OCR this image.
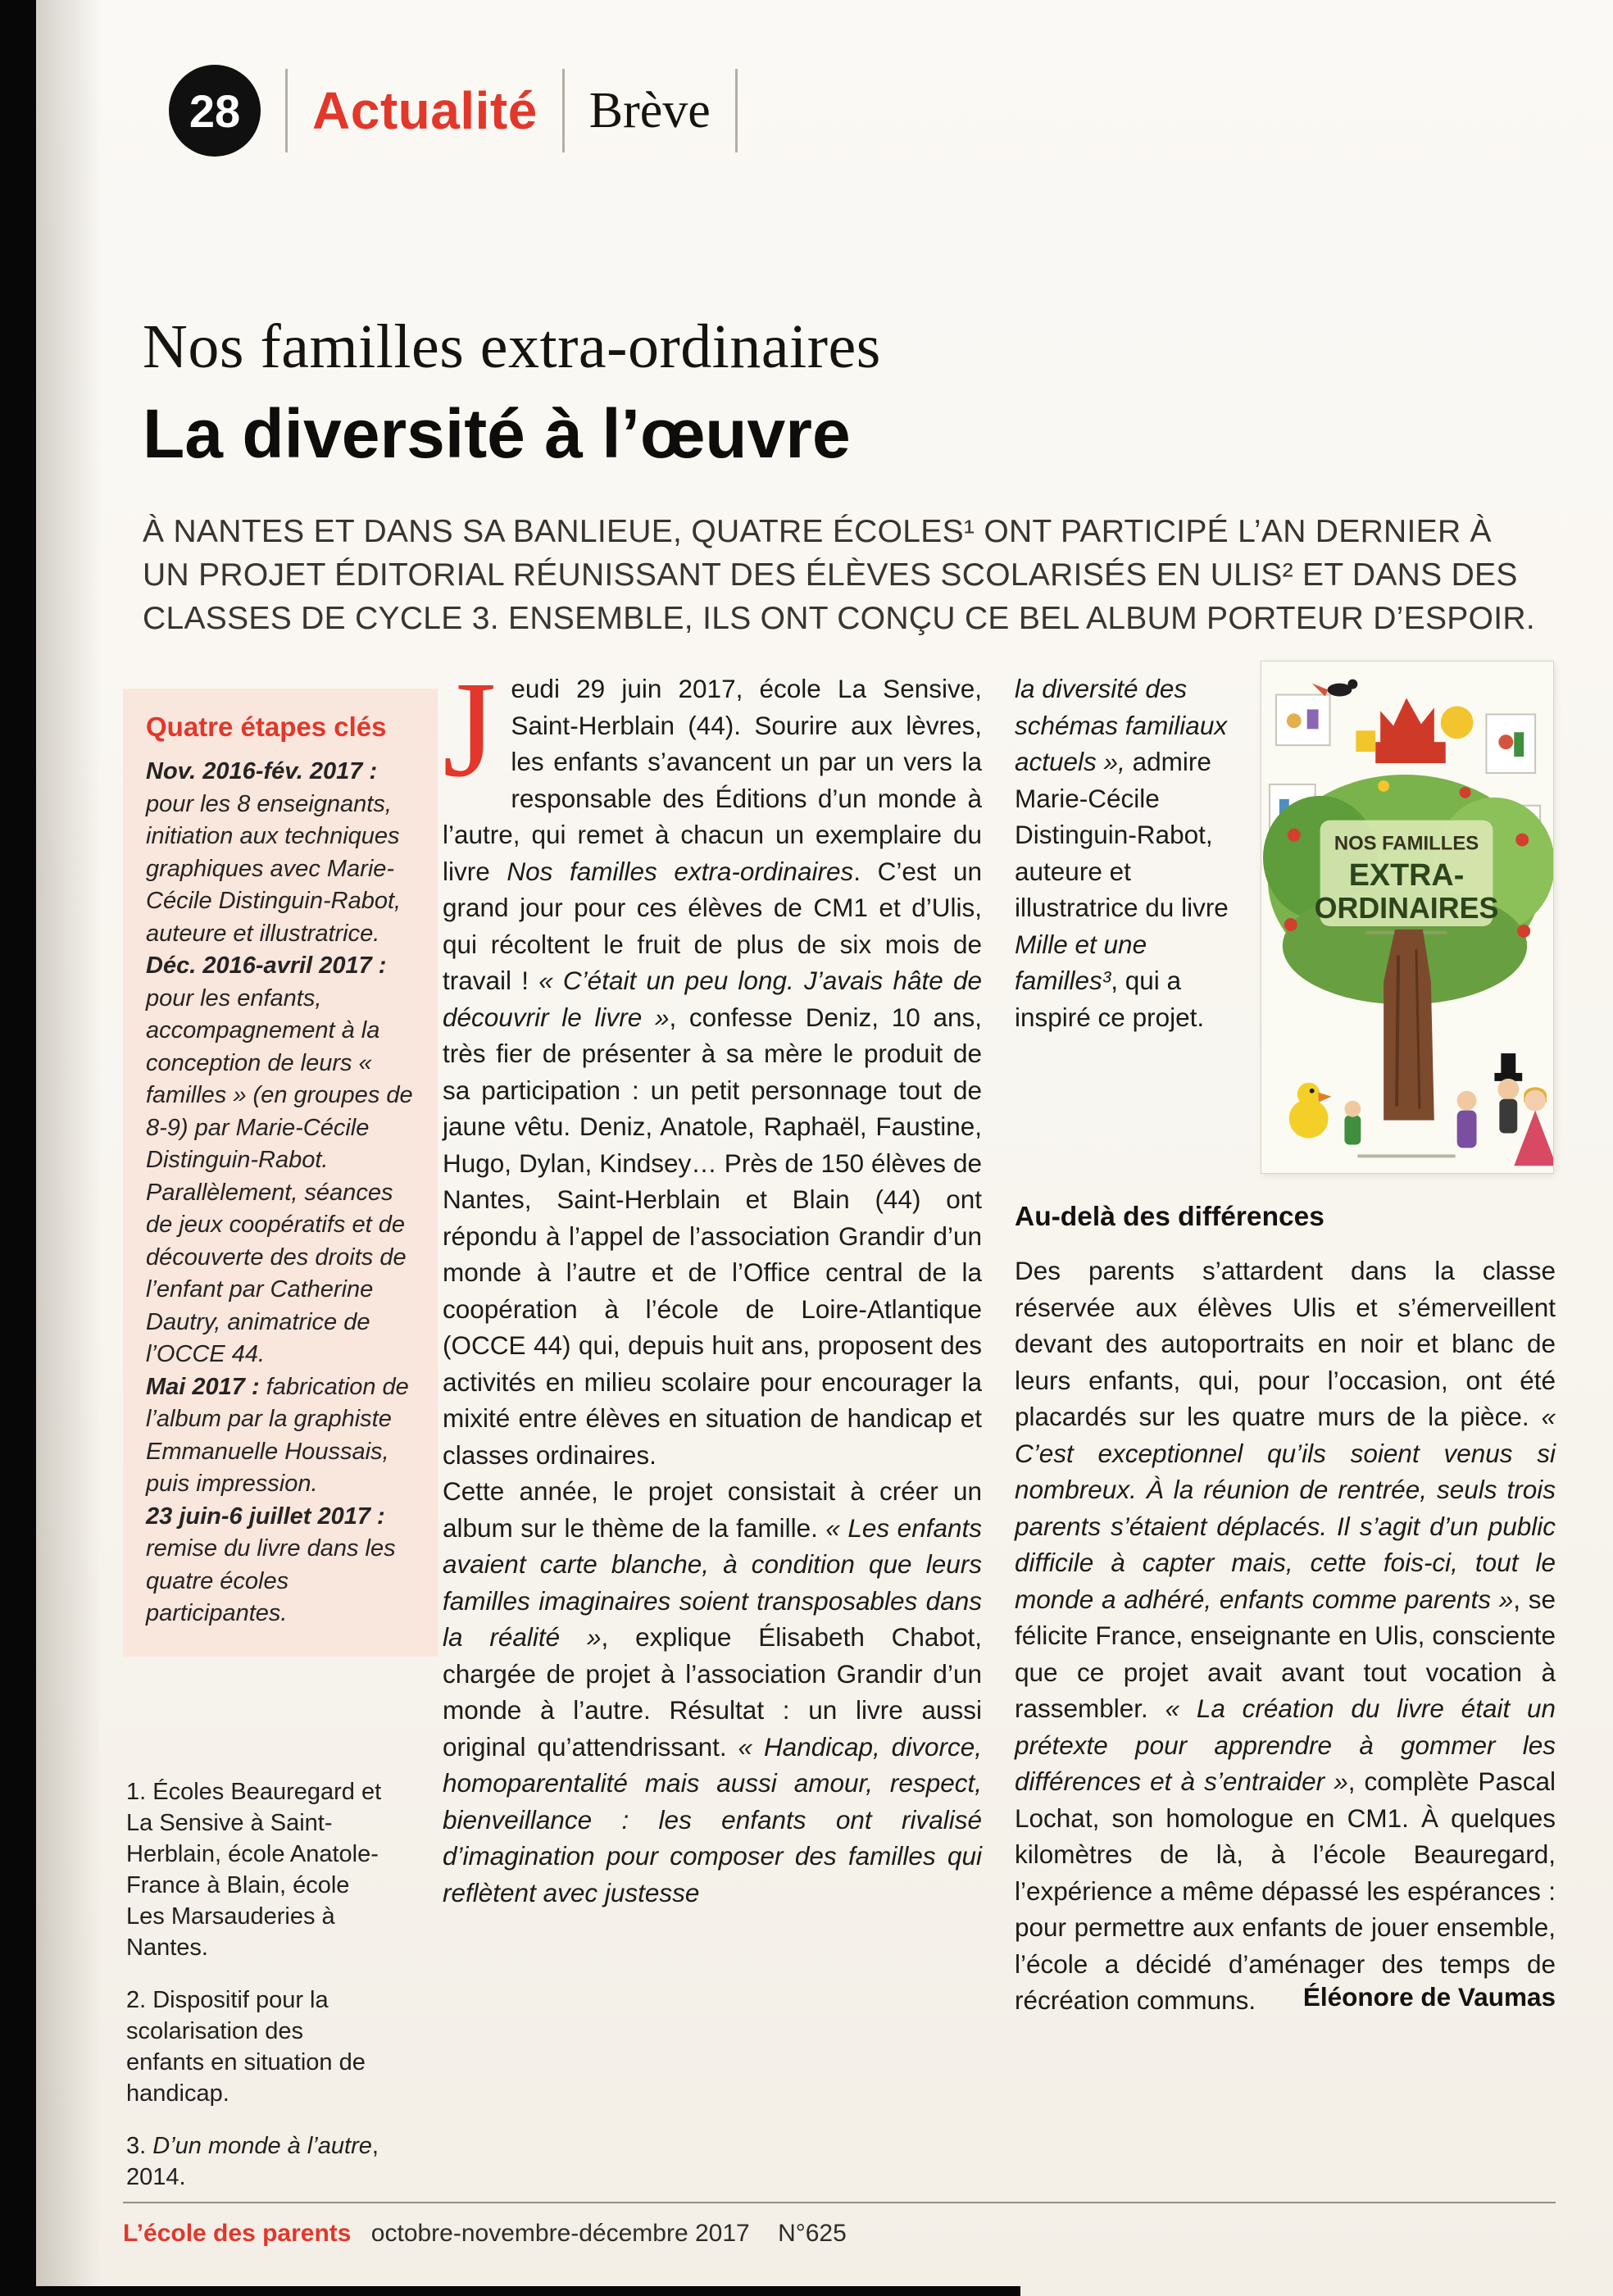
28	Actualité Brève
Nos familles extra-ordinaires
La diversité à l’œuvre

À NANTES ET DANS SA BANLIEUE, QUATRE ÉCOLES¹ ONT PARTICIPÉ L’AN DERNIER À UN PROJET ÉDITORIAL RÉUNISSANT DES ÉLÈVES SCOLARISÉS EN ULIS² ET DANS DES CLASSES DE CYCLE 3. ENSEMBLE, ILS ONT CONÇU CE BEL ALBUM PORTEUR D’ESPOIR.

Quatre étapes clés
Nov. 2016-fév. 2017 : pour les 8 enseignants, initiation aux techniques graphiques avec Marie-Cécile Distinguin-Rabot, auteure et illustratrice.
Déc. 2016-avril 2017 : pour les enfants, accompagnement à la conception de leurs « familles » (en groupes de 8-9) par Marie-Cécile Distinguin-Rabot. Parallèlement, séances de jeux coopératifs et de découverte des droits de l’enfant par Catherine Dautry, animatrice de l’OCCE 44.
Mai 2017 : fabrication de l’album par la graphiste Emmanuelle Houssais, puis impression.
23 juin-6 juillet 2017 : remise du livre dans les quatre écoles participantes.

1. Écoles Beauregard et La Sensive à Saint-Herblain, école Anatole-France à Blain, école Les Marsauderies à Nantes.

2. Dispositif pour la scolarisation des enfants en situation de handicap.

3. D’un monde à l’autre, 2014.

Jeudi 29 juin 2017, école La Sensive, Saint-Herblain (44). Sourire aux lèvres, les enfants s’avancent un par un vers la responsable des Éditions d’un monde à l’autre, qui remet à chacun un exemplaire du livre Nos familles extra-ordinaires. C’est un grand jour pour ces élèves de CM1 et d’Ulis, qui récoltent le fruit de plus de six mois de travail ! « C’était un peu long. J’avais hâte de découvrir le livre », confesse Deniz, 10 ans, très fier de présenter à sa mère le produit de sa participation : un petit personnage tout de jaune vêtu. Deniz, Anatole, Raphaël, Faustine, Hugo, Dylan, Kindsey… Près de 150 élèves de Nantes, Saint-Herblain et Blain (44) ont répondu à l’appel de l’association Grandir d’un monde à l’autre et de l’Office central de la coopération à l’école de Loire-Atlantique (OCCE 44) qui, depuis huit ans, proposent des activités en milieu scolaire pour encourager la mixité entre élèves en situation de handicap et classes ordinaires.

Cette année, le projet consistait à créer un album sur le thème de la famille. « Les enfants avaient carte blanche, à condition que leurs familles imaginaires soient transposables dans la réalité », explique Élisabeth Chabot, chargée de projet à l’association Grandir d’un monde à l’autre. Résultat : un livre aussi original qu’attendrissant. « Handicap, divorce, homoparentalité mais aussi amour, respect, bienveillance : les enfants ont rivalisé d’imagination pour composer des familles qui reflètent avec justesse

la diversité des schémas familiaux actuels », admire Marie-Cécile Distinguin-Rabot, auteure et illustratrice du livre Mille et une familles³, qui a inspiré ce projet.

Au-delà des différences

Des parents s’attardent dans la classe réservée aux élèves Ulis et s’émerveillent devant des autoportraits en noir et blanc de leurs enfants, qui, pour l’occasion, ont été placardés sur les quatre murs de la pièce. « C’est exceptionnel qu’ils soient venus si nombreux. À la réunion de rentrée, seuls trois parents s’étaient déplacés. Il s’agit d’un public difficile à capter mais, cette fois-ci, tout le monde a adhéré, enfants comme parents », se félicite France, enseignante en Ulis, consciente que ce projet avait avant tout vocation à rassembler. « La création du livre était un prétexte pour apprendre à gommer les différences et à s’entraider », complète Pascal Lochat, son homologue en CM1. À quelques kilomètres de là, à l’école Beauregard, l’expérience a même dépassé les espérances : pour permettre aux enfants de jouer ensemble, l’école a décidé d’aménager des temps de récréation communs.	Éléonore de Vaumas
NOS FAMILLES
EXTRA-
ORDINAIRES
L’école des parents octobre-novembre-décembre 2017 N°625
